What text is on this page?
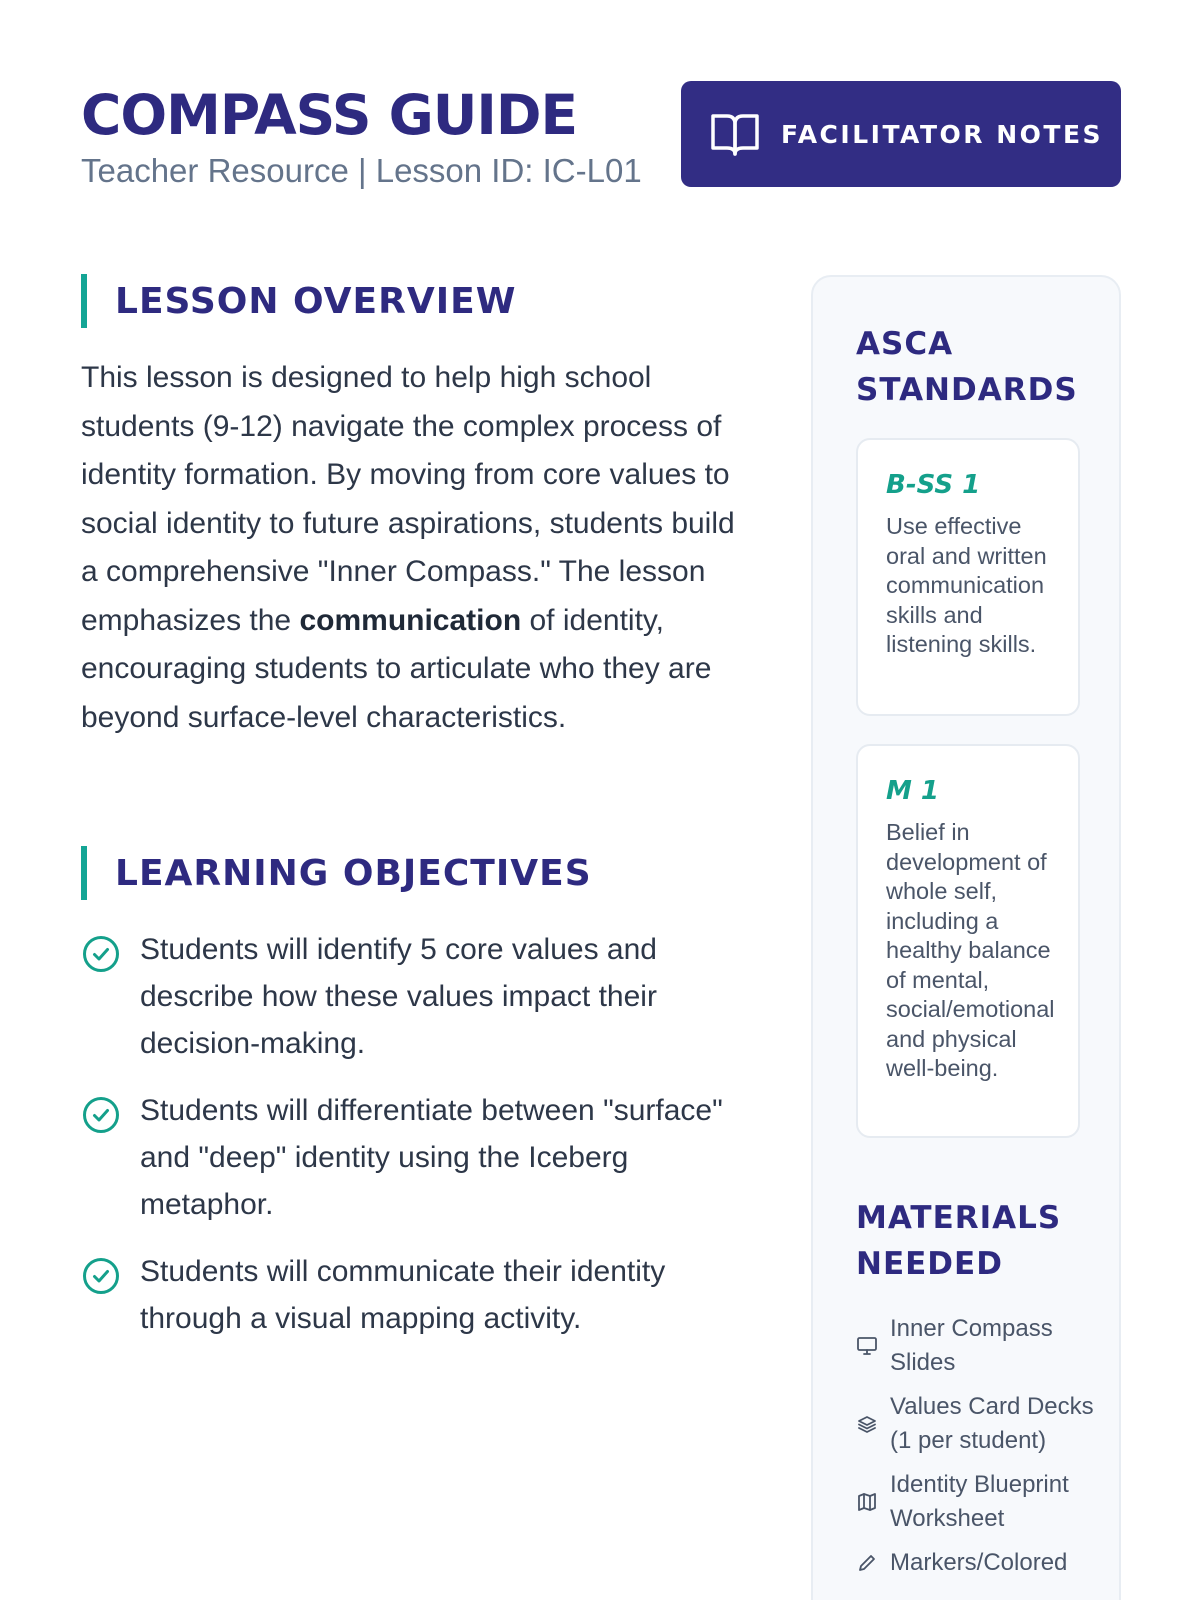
COMPASS GUIDE
Teacher Resource | Lesson ID: IC-L01
FACILITATOR NOTES
LESSON OVERVIEW

This lesson is designed to help high school students (9-12) navigate the complex process of identity formation. By moving from core values to social identity to future aspirations, students build a comprehensive "Inner Compass." The lesson emphasizes the communication of identity, encouraging students to articulate who they are beyond surface-level characteristics.

LEARNING OBJECTIVES
Students will identify 5 core values and describe how these values impact their decision-making.
Students will differentiate between "surface" and "deep" identity using the Iceberg metaphor.
Students will communicate their identity through a visual mapping activity.
ASCA STANDARDS
B-SS 1
Use effective oral and written communication skills and listening skills.
M 1
Belief in development of whole self, including a healthy balance of mental, social/emotional and physical well-being.
MATERIALS NEEDED
Inner Compass Slides
Values Card Decks (1 per student)
Identity Blueprint Worksheet
Markers/Colored
